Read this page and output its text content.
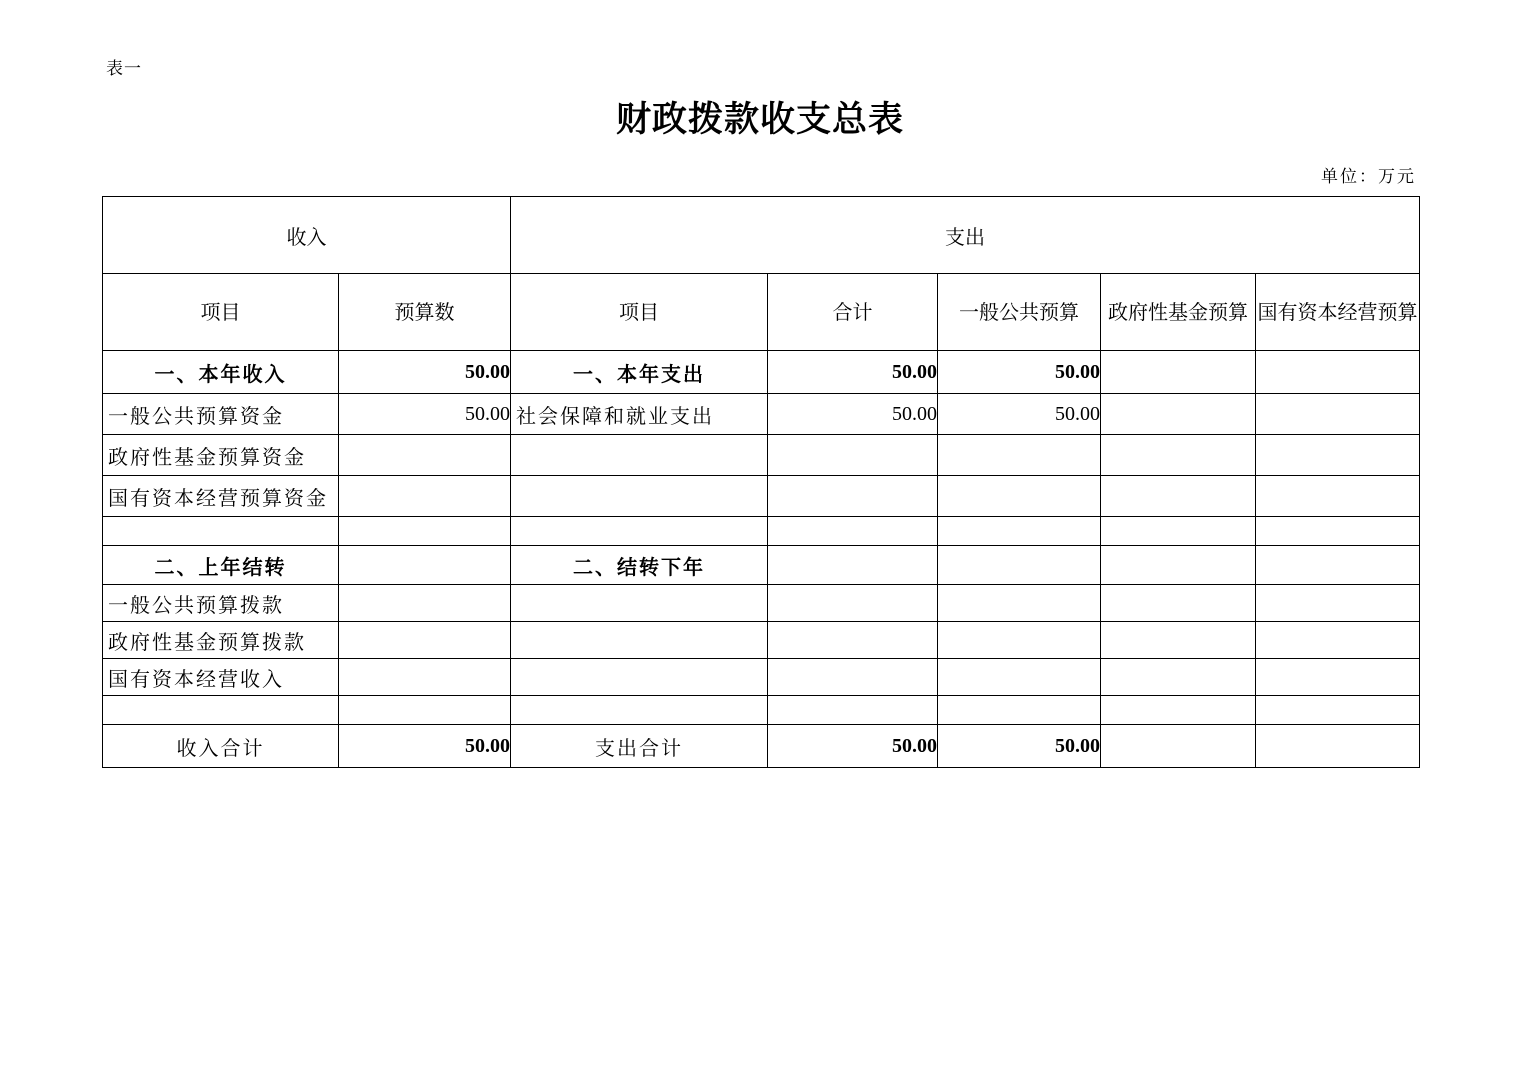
表一
财政拨款收支总表
单位：万元
收入		支出				
项目	预算数	项目	合计	一般公共预算	政府性基金预算	国有资本经营预算
一、本年收入	50.00	一、本年支出	50.00	50.00		
一般公共预算资金	50.00	社会保障和就业支出	50.00	50.00		
政府性基金预算资金						
国有资本经营预算资金						

二、上年结转		二、结转下年				
一般公共预算拨款						
政府性基金预算拨款						
国有资本经营收入						

收入合计	50.00	支出合计	50.00	50.00		
